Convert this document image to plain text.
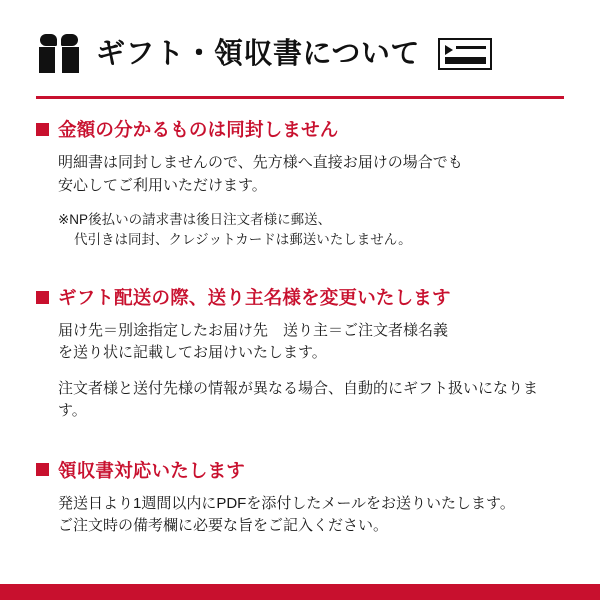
ギフト・領収書について
金額の分かるものは同封しません

明細書は同封しませんので、先方様へ直接お届けの場合でも
安心してご利用いただけます。

※NP後払いの請求書は後日注文者様に郵送、
代引きは同封、クレジットカードは郵送いたしません。
ギフト配送の際、送り主名様を変更いたします

届け先＝別途指定したお届け先　送り主＝ご注文者様名義
を送り状に記載してお届けいたします。

注文者様と送付先様の情報が異なる場合、自動的にギフト扱いになります。
領収書対応いたします

発送日より1週間以内にPDFを添付したメールをお送りいたします。
ご注文時の備考欄に必要な旨をご記入ください。
